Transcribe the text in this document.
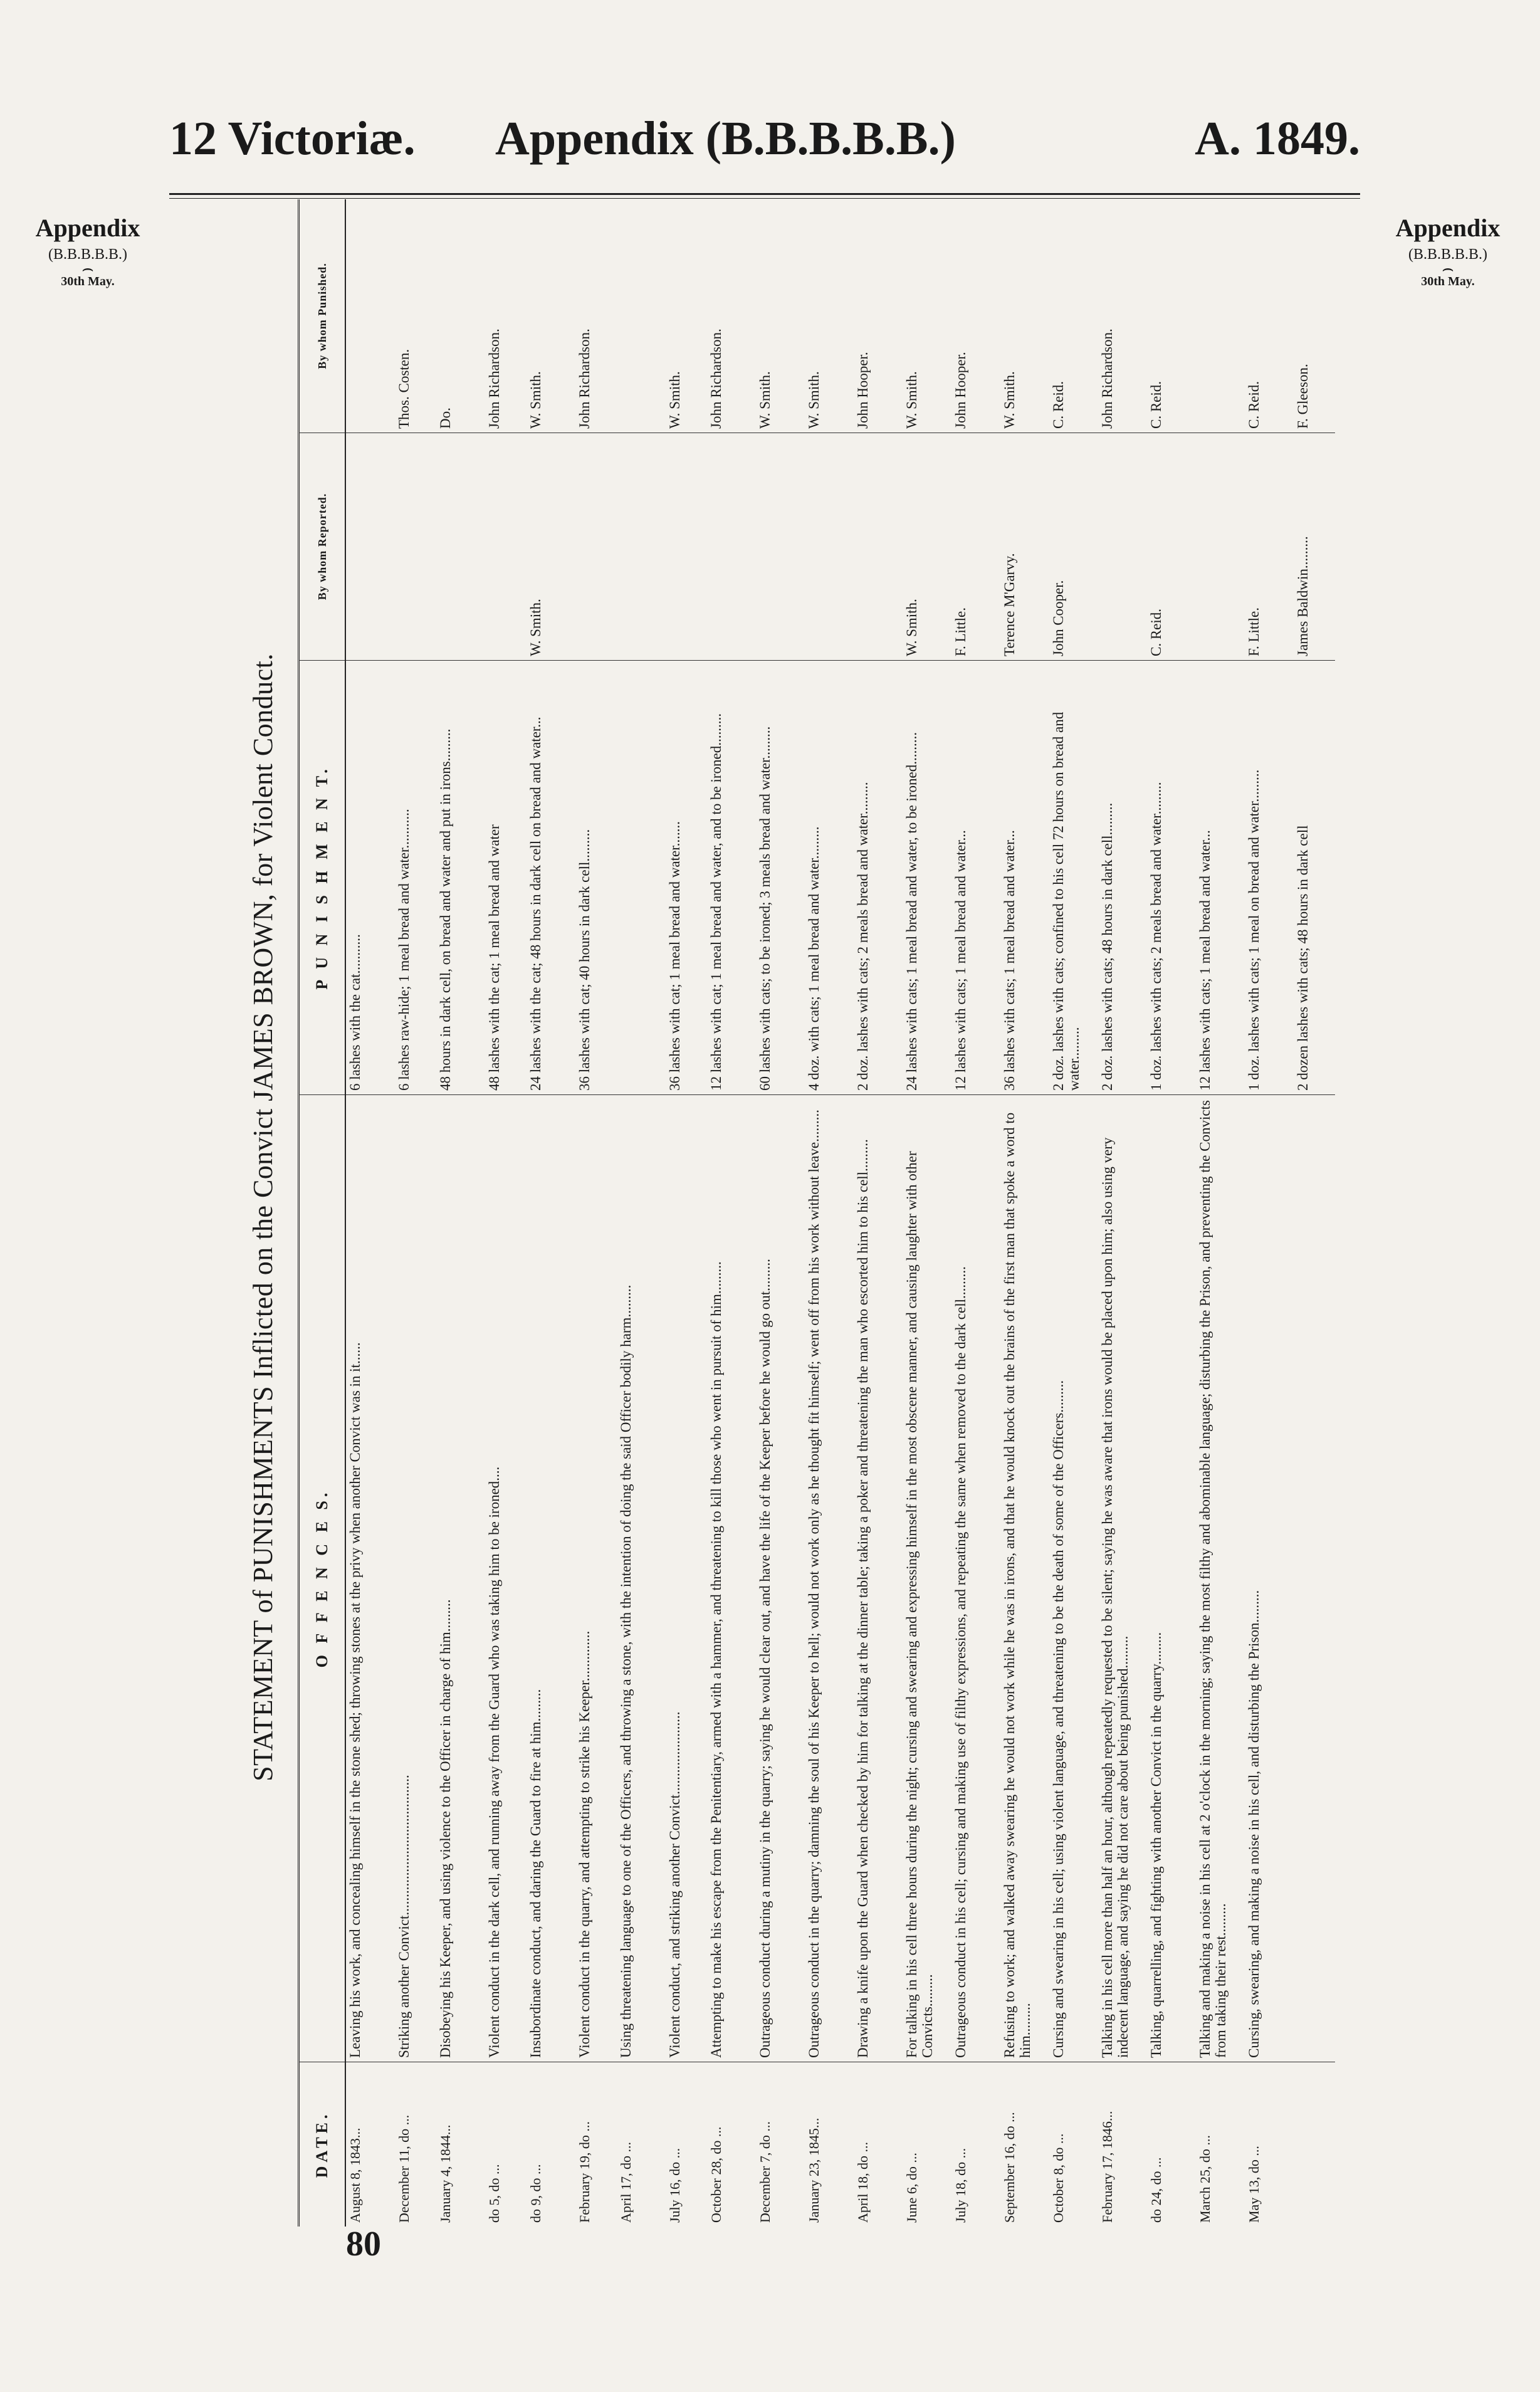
12 Victoriæ. Appendix (B.B.B.B.B.)	A. 1849.
Appendix
(B.B.B.B.B.)
⌢
30th May.
Appendix
(B.B.B.B.B.)
⌢
30th May.
STATEMENT of PUNISHMENTS Inflicted on the Convict JAMES BROWN, for Violent Conduct.
DATE.	O F F E N C E S.	P U N I S H M E N T.	By whom Reported.	By whom Punished.
August 8, 1843...	Leaving his work, and concealing himself in the stone shed; throwing stones at the privy when another Convict was in it......	6 lashes with the cat...........		
December 11, do ...	Striking another Convict.......................................	6 lashes raw-hide; 1 meal bread and water...........		Thos. Costen.
January 4, 1844...	Disobeying his Keeper, and using violence to the Officer in charge of him.........	48 hours in dark cell, on bread and water and put in irons.........		Do.
do 5, do ...	Violent conduct in the dark cell, and running away from the Guard who was taking him to be ironed....	48 lashes with the cat; 1 meal bread and water		John Richardson.
do 9, do ...	Insubordinate conduct, and daring the Guard to fire at him.........	24 lashes with the cat; 48 hours in dark cell on bread and water...	W. Smith.	W. Smith.
February 19, do ...	Violent conduct in the quarry, and attempting to strike his Keeper..............	36 lashes with cat; 40 hours in dark cell.........		John Richardson.
April 17, do ...	Using threatening language to one of the Officers, and throwing a stone, with the intention of doing the said Officer bodily harm.........			
July 16, do ...	Violent conduct, and striking another Convict.......................	36 lashes with cat; 1 meal bread and water.......		W. Smith.
October 28, do ...	Attempting to make his escape from the Penitentiary, armed with a hammer, and threatening to kill those who went in pursuit of him.........	12 lashes with cat; 1 meal bread and water, and to be ironed.........		John Richardson.
December 7, do ...	Outrageous conduct during a mutiny in the quarry; saying he would clear out, and have the life of the Keeper before he would go out.........	60 lashes with cats; to be ironed; 3 meals bread and water.........		W. Smith.
January 23, 1845...	Outrageous conduct in the quarry; damning the soul of his Keeper to hell; would not work only as he thought fit himself; went off from his work without leave.........	4 doz. with cats; 1 meal bread and water.........		W. Smith.
April 18, do ...	Drawing a knife upon the Guard when checked by him for talking at the dinner table; taking a poker and threatening the man who escorted him to his cell.........	2 doz. lashes with cats; 2 meals bread and water.........		John Hooper.
June 6, do ...	For talking in his cell three hours during the night; cursing and swearing and expressing himself in the most obscene manner, and causing laughter with other Convicts.........	24 lashes with cats; 1 meal bread and water, to be ironed.........	W. Smith.	W. Smith.
July 18, do ...	Outrageous conduct in his cell; cursing and making use of filthy expressions, and repeating the same when removed to the dark cell.........	12 lashes with cats; 1 meal bread and water...	F. Little.	John Hooper.
September 16, do ...	Refusing to work; and walked away swearing he would not work while he was in irons, and that he would knock out the brains of the first man that spoke a word to him.........	36 lashes with cats; 1 meal bread and water...	Terence M'Garvy.	W. Smith.
October 8, do ...	Cursing and swearing in his cell; using violent language, and threatening to be the death of some of the Officers.........	2 doz. lashes with cats; confined to his cell 72 hours on bread and water.........	John Cooper.	C. Reid.
February 17, 1846...	Talking in his cell more than half an hour, although repeatedly requested to be silent; saying he was aware that irons would be placed upon him; also using very indecent language, and saying he did not care about being punished.........	2 doz. lashes with cats; 48 hours in dark cell.........		John Richardson.
do 24, do ...	Talking, quarrelling, and fighting with another Convict in the quarry.........	1 doz. lashes with cats; 2 meals bread and water.........	C. Reid.	C. Reid.
March 25, do ...	Talking and making a noise in his cell at 2 o'clock in the morning; saying the most filthy and abominable language; disturbing the Prison, and preventing the Convicts from taking their rest.........	12 lashes with cats; 1 meal bread and water...		
May 13, do ...	Cursing, swearing, and making a noise in his cell, and disturbing the Prison.........	1 doz. lashes with cats; 1 meal on bread and water.........	F. Little.	C. Reid.
		2 dozen lashes with cats; 48 hours in dark cell	James Baldwin.........	F. Gleeson.
80
